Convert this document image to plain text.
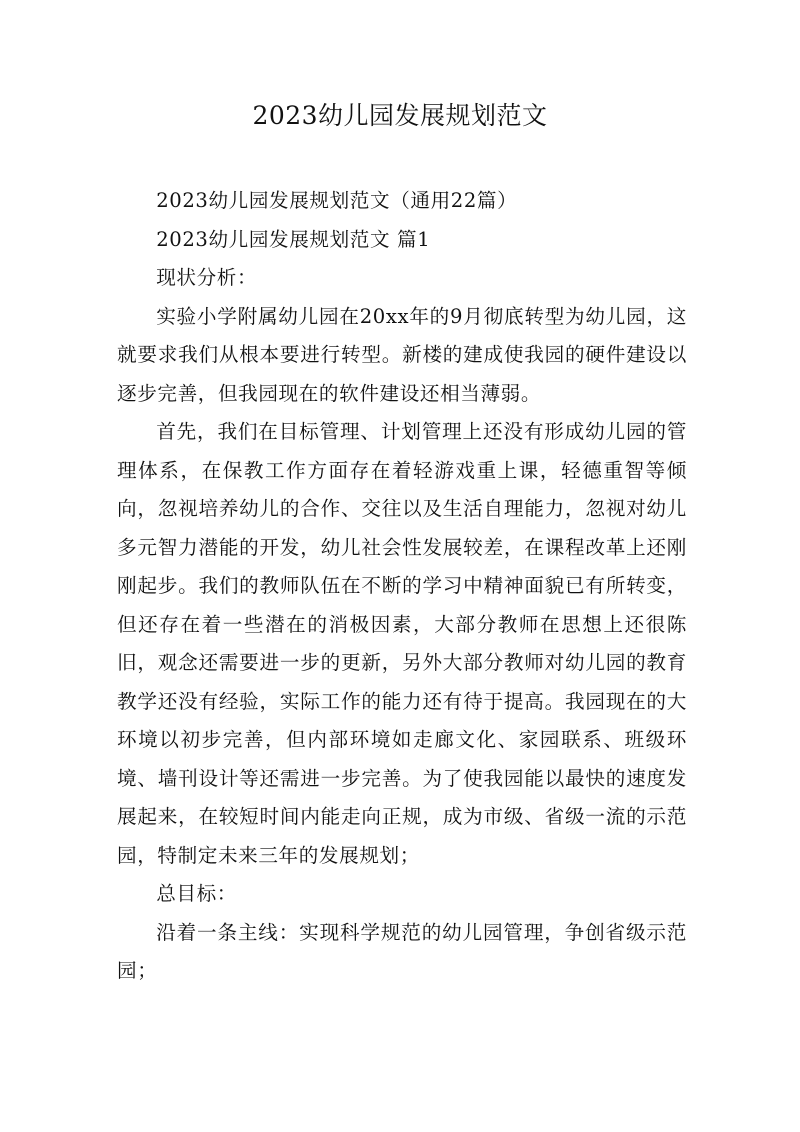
2023幼儿园发展规划范文

2023幼儿园发展规划范文（通用22篇）

2023幼儿园发展规划范文 篇1

现状分析：

实验小学附属幼儿园在20xx年的9月彻底转型为幼儿园，这就要求我们从根本要进行转型。新楼的建成使我园的硬件建设以逐步完善，但我园现在的软件建设还相当薄弱。

首先，我们在目标管理、计划管理上还没有形成幼儿园的管理体系，在保教工作方面存在着轻游戏重上课，轻德重智等倾向，忽视培养幼儿的合作、交往以及生活自理能力，忽视对幼儿多元智力潜能的开发，幼儿社会性发展较差，在课程改革上还刚刚起步。我们的教师队伍在不断的学习中精神面貌已有所转变，但还存在着一些潜在的消极因素，大部分教师在思想上还很陈旧，观念还需要进一步的更新，另外大部分教师对幼儿园的教育教学还没有经验，实际工作的能力还有待于提高。我园现在的大环境以初步完善，但内部环境如走廊文化、家园联系、班级环境、墙刊设计等还需进一步完善。为了使我园能以最快的速度发展起来，在较短时间内能走向正规，成为市级、省级一流的示范园，特制定未来三年的发展规划；

总目标：

沿着一条主线：实现科学规范的幼儿园管理，争创省级示范园；
